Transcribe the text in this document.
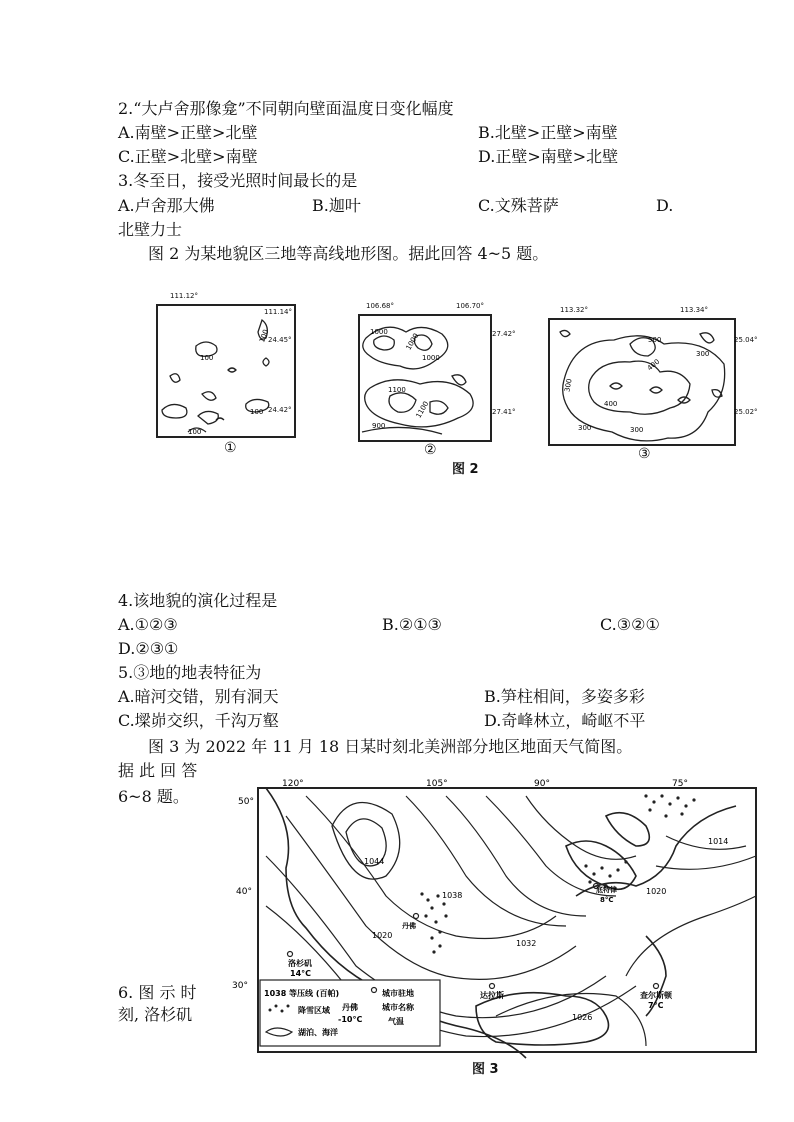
2.“大卢舍那像龛”不同朝向壁面温度日变化幅度
A.南壁>正壁>北壁	B.北壁>正壁>南壁
C.正壁>北壁>南壁	D.正壁>南壁>北壁
3.冬至日，接受光照时间最长的是
A.卢舍那大佛	B.迦叶	C.文殊菩萨	D.
北壁力士
图 2 为某地貌区三地等高线地形图。据此回答 4~5 题。
100
100
100
100
111.12°
111.14°
24.45°
24.42°
①
1000
1000
1100
1100
900
1000
106.68°	106.70°
27.42°
27.41°
②
500
300
400
400
300	300
300
113.32°	113.34°
25.04°
25.02°
③
图 2
4.该地貌的演化过程是
A.①②③	B.②①③	C.③②①
D.②③①
5.③地的地表特征为
A.暗河交错，别有洞天	B.笋柱相间，多姿多彩
C.墚峁交织，千沟万壑	D.奇峰林立，崎岖不平
图 3 为 2022 年 11 月 18 日某时刻北美洲部分地区地面天气简图。
据 此 回 答
6~8 题。
6. 图 示 时
刻, 洛杉矶
1044
1038
1020
1032
1026
1020
1014
洛杉矶
14°C
丹佛
达拉斯	查尔斯顿
7°C
底特律
8°C
120°	105°	90°	75°
50°
40°
30°
1038 等压线 (百帕)
降雪区域
湖泊、海洋
城市驻地
丹佛	城市名称
-10°C	气温
图 3
